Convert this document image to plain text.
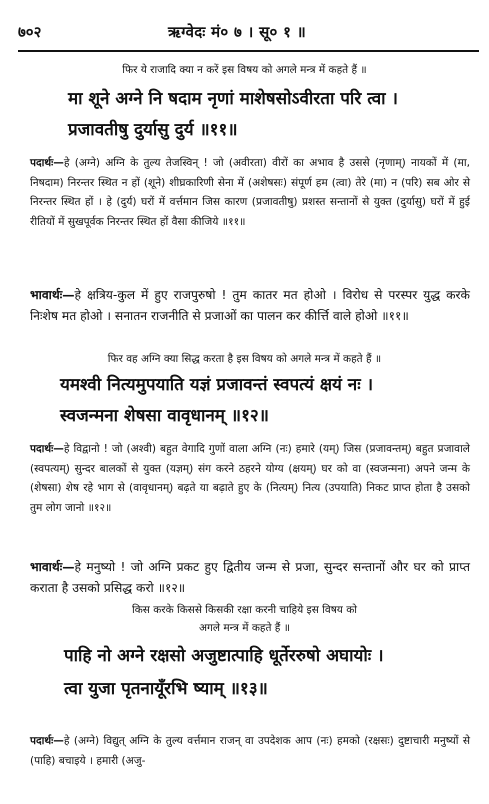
७०२	ऋग्वेदः मं० ७ । सू० १ ॥
फिर ये राजादि क्या न करें इस विषय को अगले मन्त्र में कहते हैं ॥
मा शूने अग्ने नि षदाम नृणां माशेषसोऽवीरता परि त्वा ।
प्रजावतीषु दुर्यासु दुर्य ॥११॥
पदार्थः—हे (अग्ने) अग्नि के तुल्य तेजस्विन् ! जो (अवीरता) वीरों का अभाव है उससे (नृणाम्) नायकों में (मा, निषदाम) निरन्तर स्थित न हों (शूने) शीघ्रकारिणी सेना में (अशेषसः) संपूर्ण हम (त्वा) तेरे (मा) न (परि) सब ओर से निरन्तर स्थित हों । हे (दुर्य) घरों में वर्त्तमान जिस कारण (प्रजावतीषु) प्रशस्त सन्तानों से युक्त (दुर्यासु) घरों में हुई रीतियों में सुखपूर्वक निरन्तर स्थित हों वैसा कीजिये ॥११॥
भावार्थः—हे क्षत्रिय-कुल में हुए राजपुरुषो ! तुम कातर मत होओ । विरोध से परस्पर युद्ध करके निःशेष मत होओ । सनातन राजनीति से प्रजाओं का पालन कर कीर्त्ति वाले होओ ॥११॥
फिर वह अग्नि क्या सिद्ध करता है इस विषय को अगले मन्त्र में कहते हैं ॥
यमश्वी नित्यमुपयाति यज्ञं प्रजावन्तं स्वपत्यं क्षयं नः ।
स्वजन्मना शेषसा वावृधानम् ॥१२॥
पदार्थः—हे विद्वानो ! जो (अश्वी) बहुत वेगादि गुणों वाला अग्नि (नः) हमारे (यम्) जिस (प्रजावन्तम्) बहुत प्रजावाले (स्वपत्यम्) सुन्दर बालकों से युक्त (यज्ञम्) संग करने ठहरने योग्य (क्षयम्) घर को वा (स्वजन्मना) अपने जन्म के (शेषसा) शेष रहे भाग से (वावृधानम्) बढ़ते या बढ़ाते हुए के (नित्यम्) नित्य (उपयाति) निकट प्राप्त होता है उसको तुम लोग जानो ॥१२॥
भावार्थः—हे मनुष्यो ! जो अग्नि प्रकट हुए द्वितीय जन्म से प्रजा, सुन्दर सन्तानों और घर को प्राप्त कराता है उसको प्रसिद्ध करो ॥१२॥
किस करके किससे किसकी रक्षा करनी चाहिये इस विषय को
अगले मन्त्र में कहते हैं ॥
पाहि नो अग्ने रक्षसो अजुष्टात्पाहि धूर्तेररुषो अघायोः ।
त्वा युजा पृतनायूँरभि ष्याम् ॥१३॥
पदार्थः—हे (अग्ने) विद्युत् अग्नि के तुल्य वर्त्तमान राजन् वा उपदेशक आप (नः) हमको (रक्षसः) दुष्टाचारी मनुष्यों से (पाहि) बचाइये । हमारी (अजु-
